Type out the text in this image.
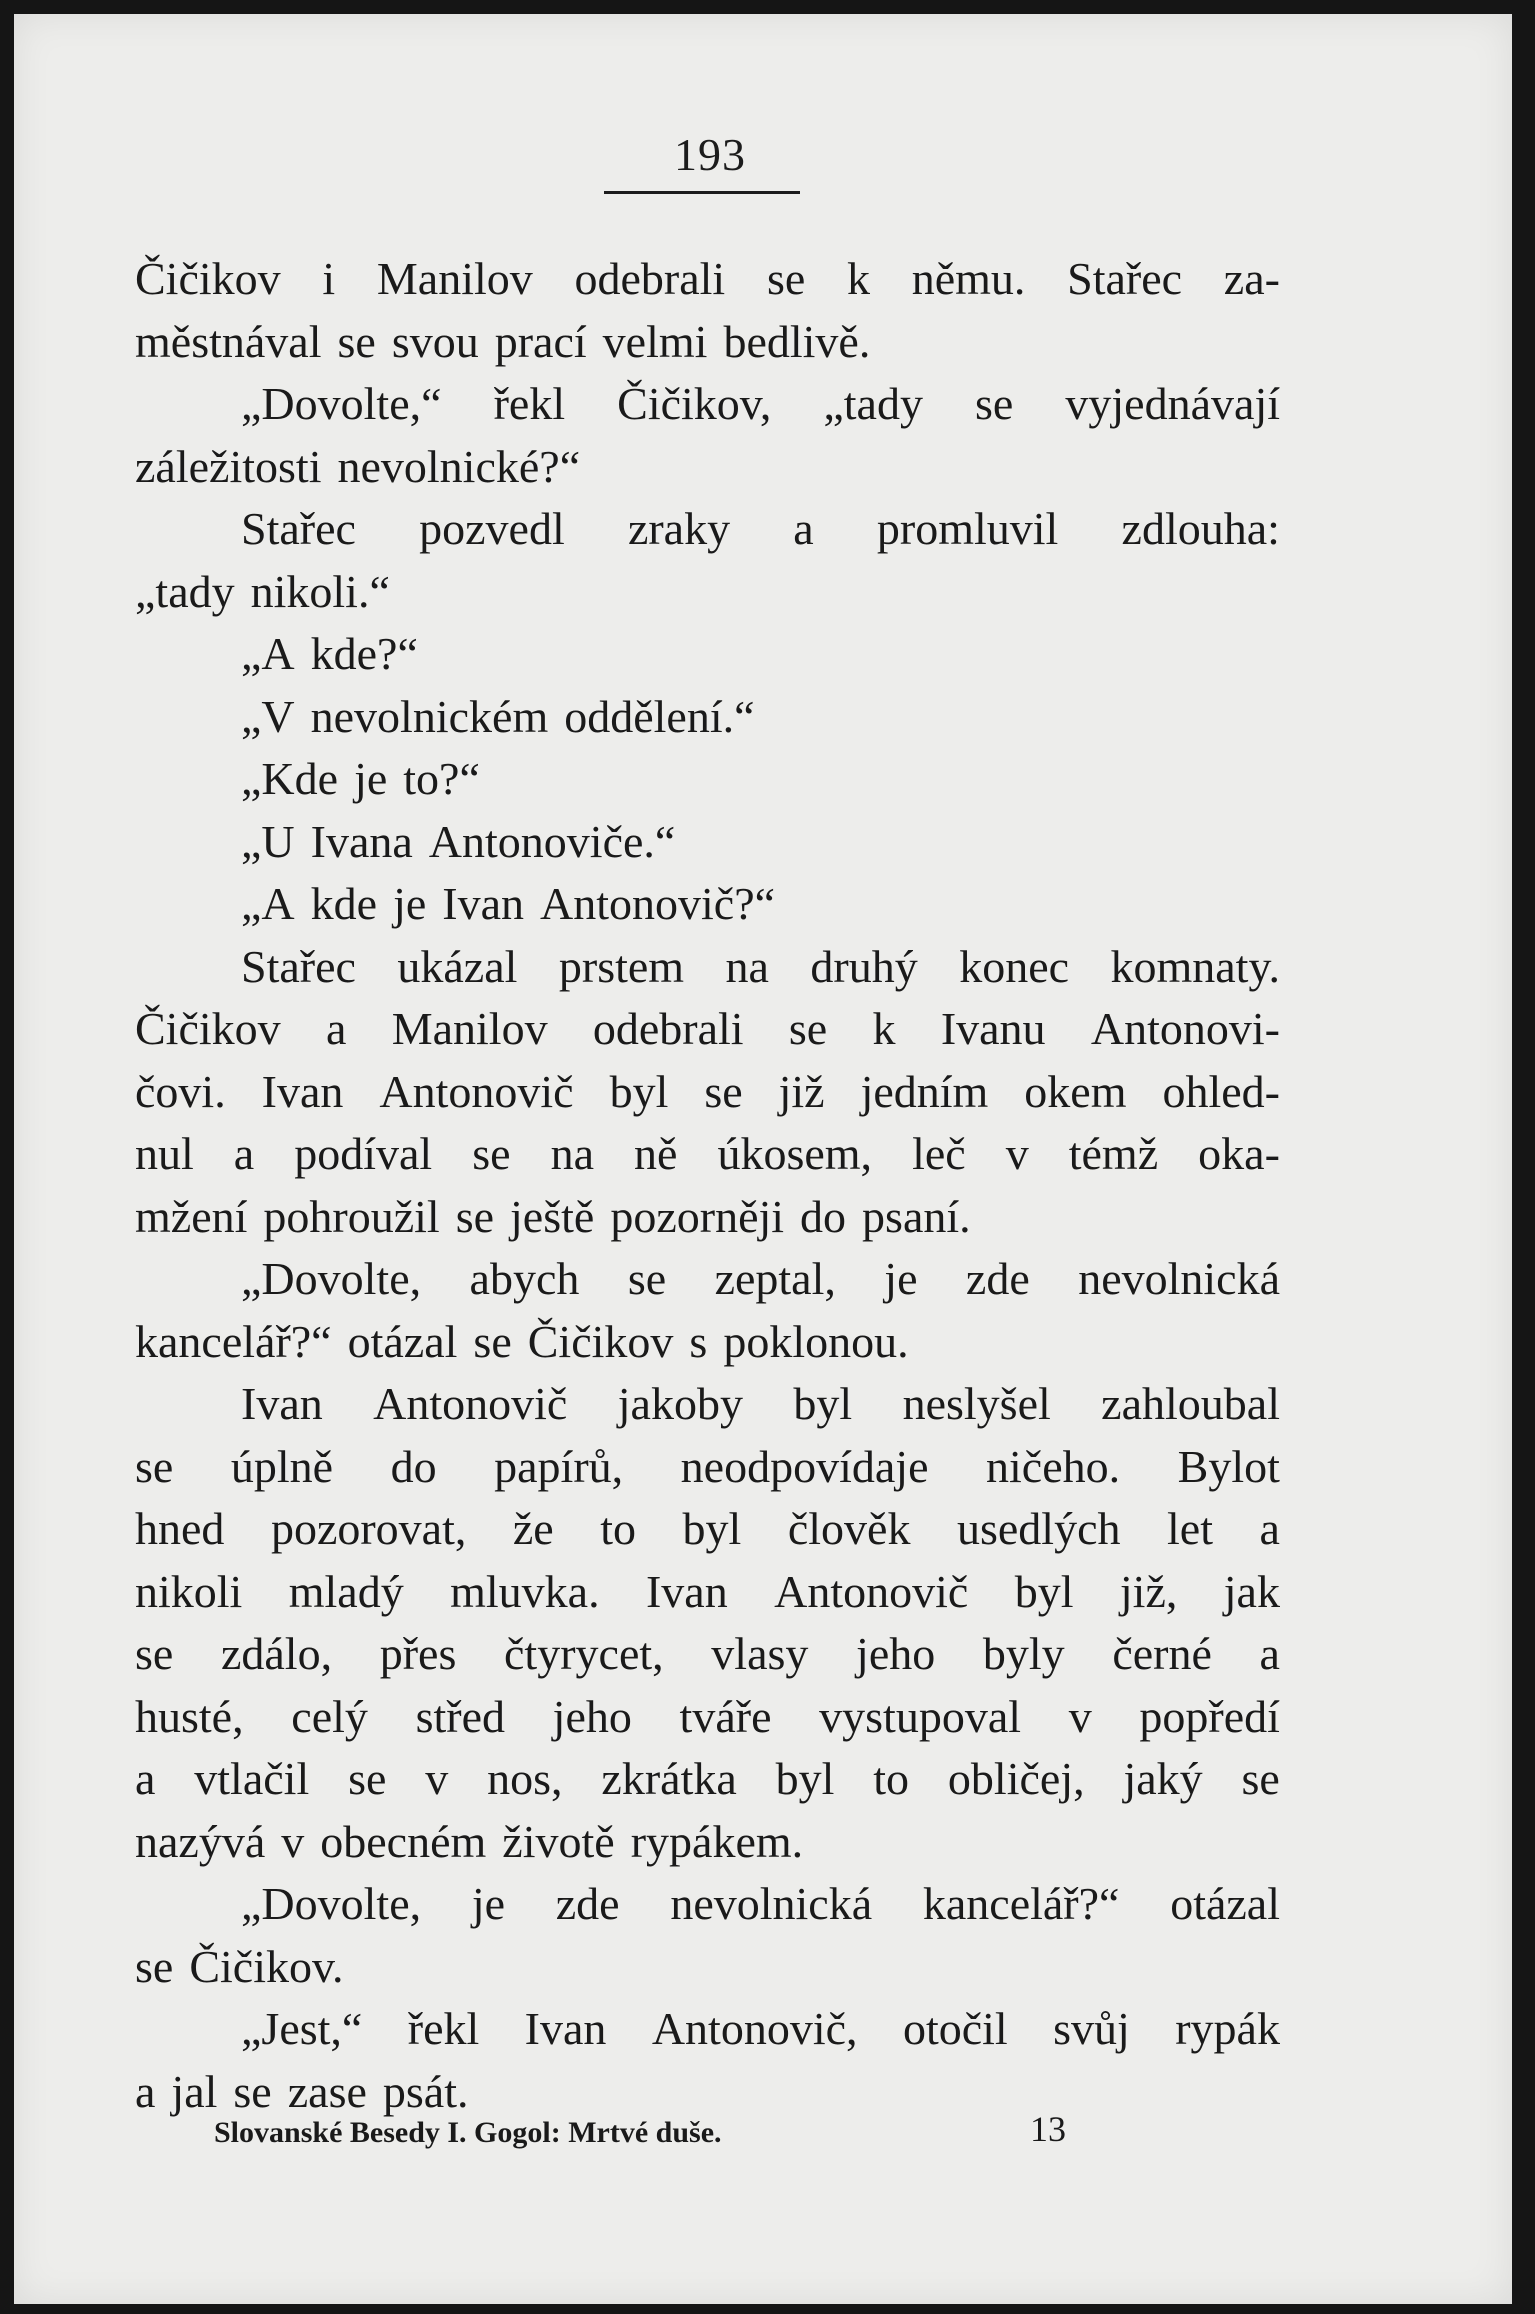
193
Čičikov i Manilov odebrali se k němu. Stařec za-
městnával se svou prací velmi bedlivě.
„Dovolte,“ řekl Čičikov, „tady se vyjednávají
záležitosti nevolnické?“
Stařec pozvedl zraky a promluvil zdlouha:
„tady nikoli.“
„A kde?“
„V nevolnickém oddělení.“
„Kde je to?“
„U Ivana Antonoviče.“
„A kde je Ivan Antonovič?“
Stařec ukázal prstem na druhý konec komnaty.
Čičikov a Manilov odebrali se k Ivanu Antonovi-
čovi. Ivan Antonovič byl se již jedním okem ohled-
nul a podíval se na ně úkosem, leč v témž oka-
mžení pohroužil se ještě pozorněji do psaní.
„Dovolte, abych se zeptal, je zde nevolnická
kancelář?“ otázal se Čičikov s poklonou.
Ivan Antonovič jakoby byl neslyšel zahloubal
se úplně do papírů, neodpovídaje ničeho. Bylot
hned pozorovat, že to byl člověk usedlých let a
nikoli mladý mluvka. Ivan Antonovič byl již, jak
se zdálo, přes čtyrycet, vlasy jeho byly černé a
husté, celý střed jeho tváře vystupoval v popředí
a vtlačil se v nos, zkrátka byl to obličej, jaký se
nazývá v obecném životě rypákem.
„Dovolte, je zde nevolnická kancelář?“ otázal
se Čičikov.
„Jest,“ řekl Ivan Antonovič, otočil svůj rypák
a jal se zase psát.
Slovanské Besedy I. Gogol: Mrtvé duše.	13
